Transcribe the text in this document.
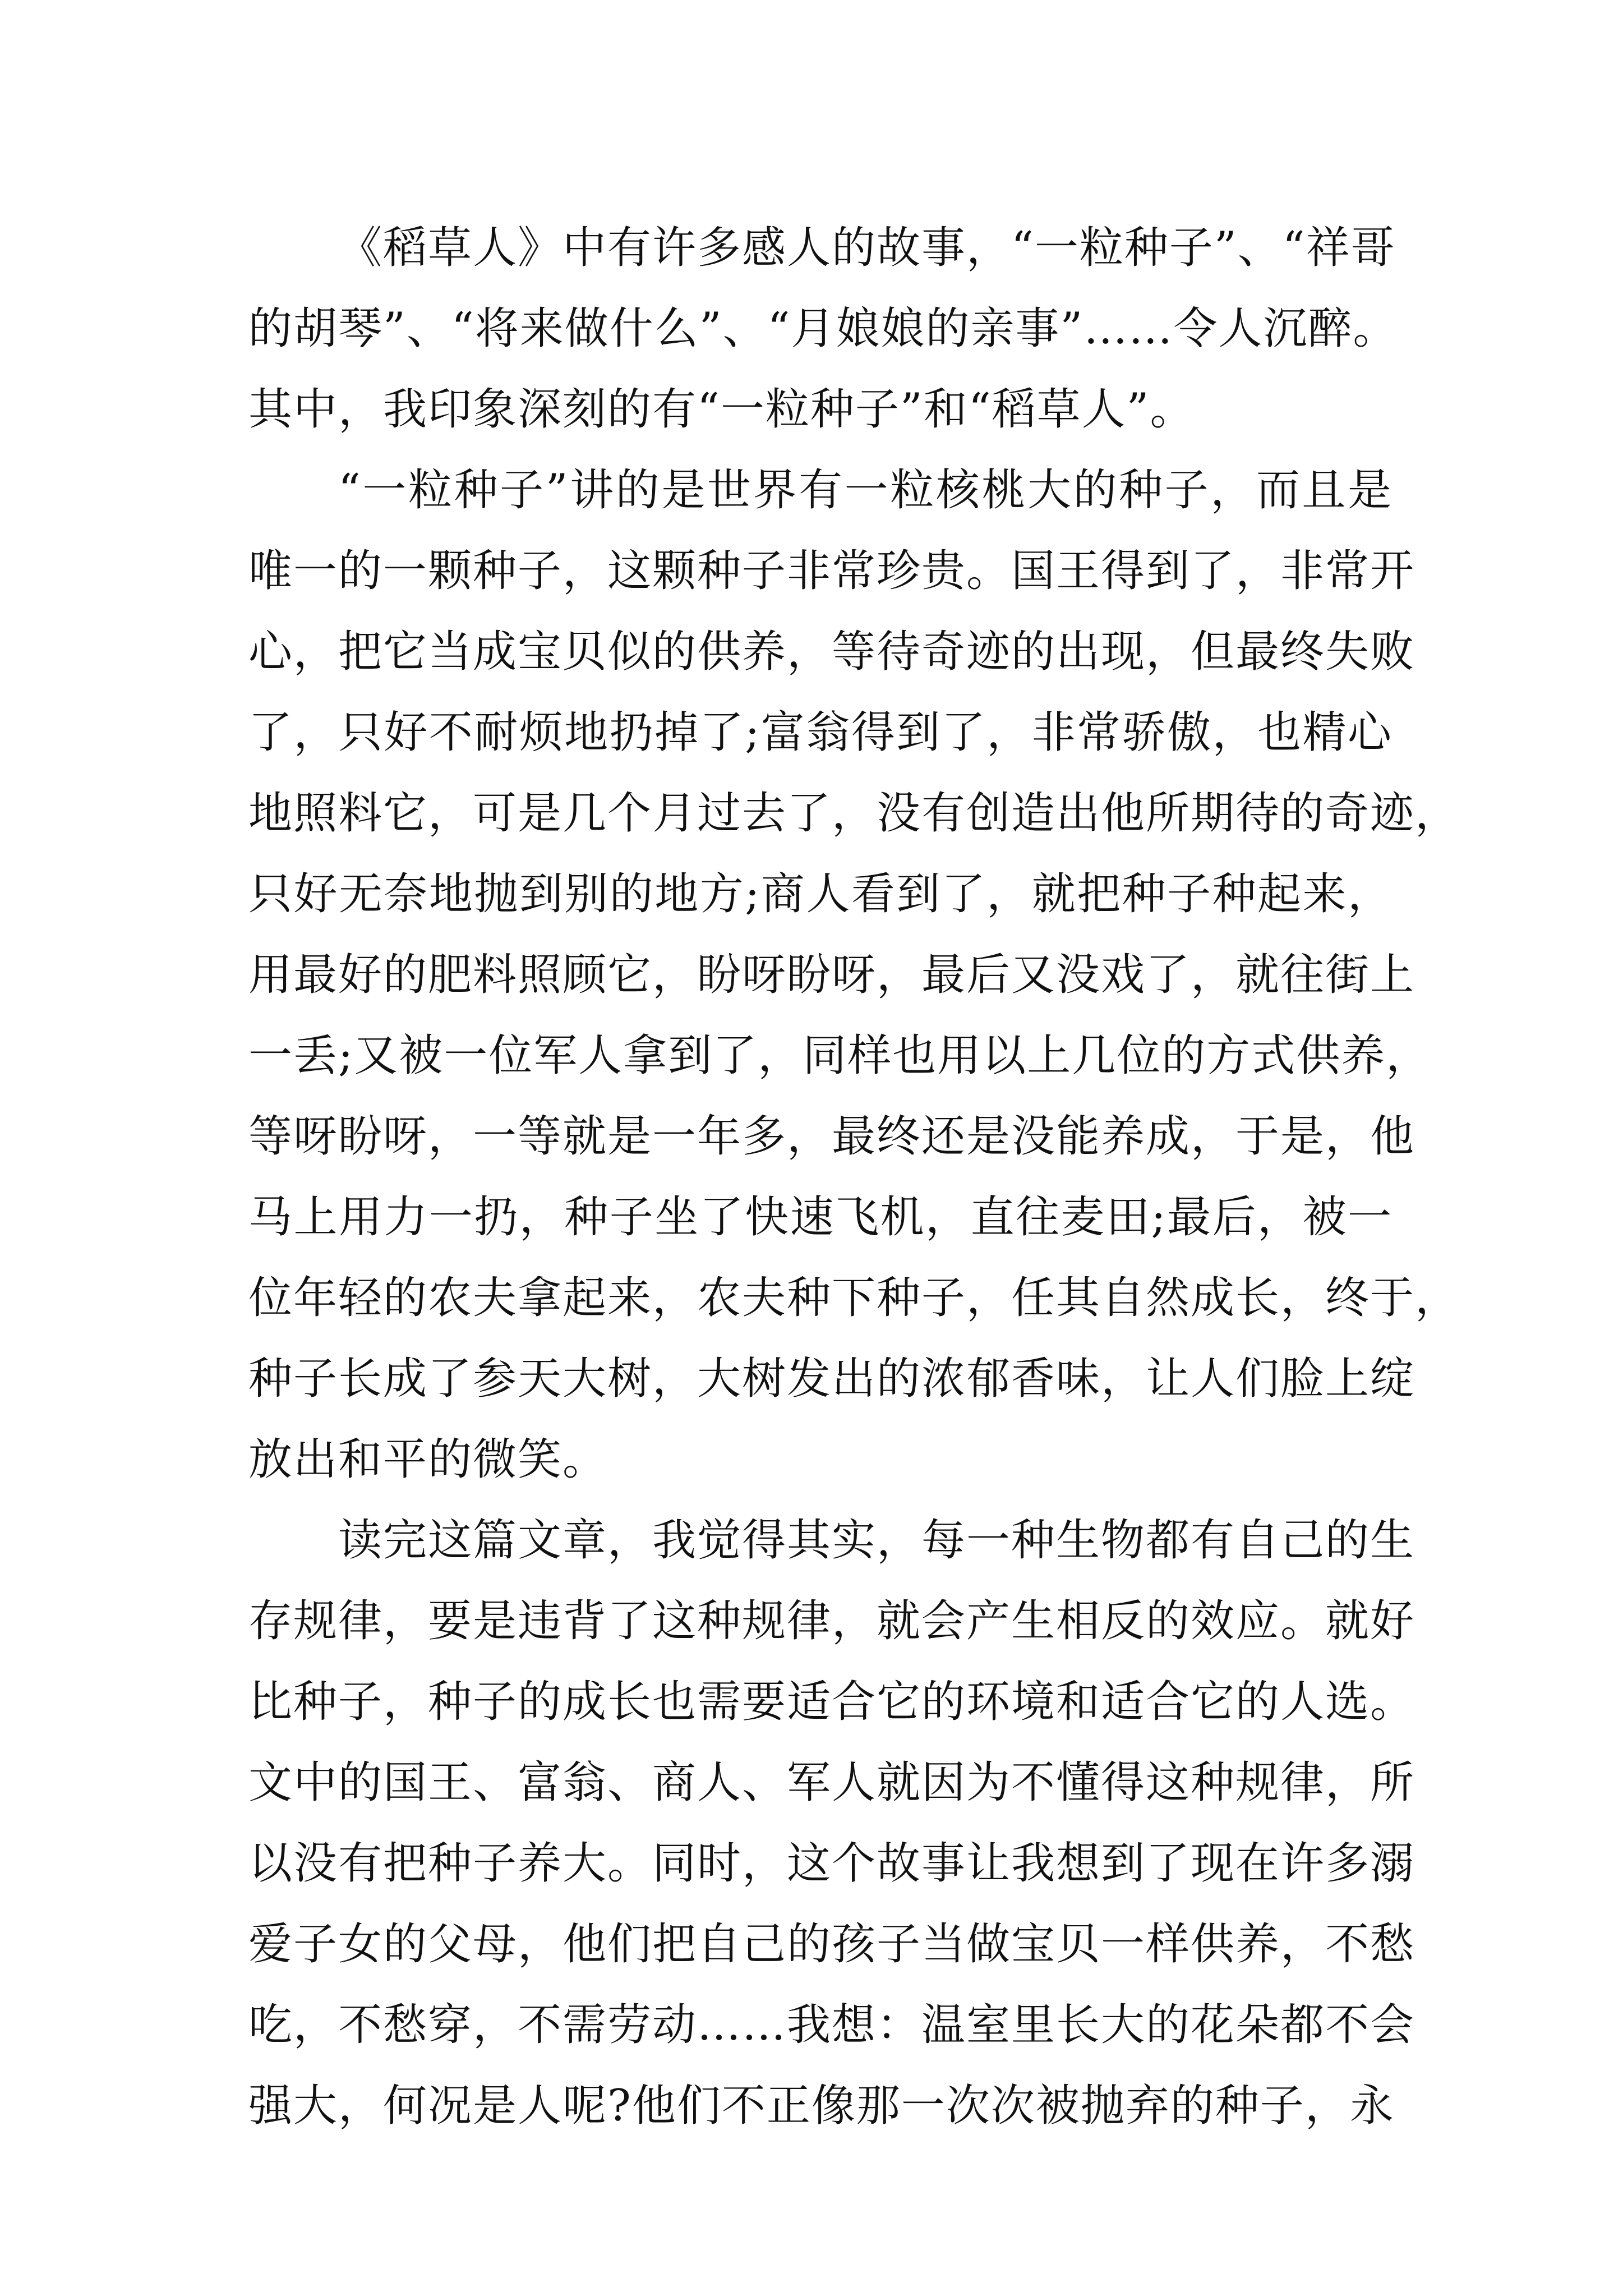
《稻草人》中有许多感人的故事，“一粒种子”、“祥哥
的胡琴”、“将来做什么”、“月娘娘的亲事”……令人沉醉。
其中，我印象深刻的有“一粒种子”和“稻草人”。
“一粒种子”讲的是世界有一粒核桃大的种子，而且是
唯一的一颗种子，这颗种子非常珍贵。国王得到了，非常开
心，把它当成宝贝似的供养，等待奇迹的出现，但最终失败
了，只好不耐烦地扔掉了;富翁得到了，非常骄傲，也精心
地照料它，可是几个月过去了，没有创造出他所期待的奇迹，
只好无奈地抛到别的地方;商人看到了，就把种子种起来，
用最好的肥料照顾它，盼呀盼呀，最后又没戏了，就往街上
一丢;又被一位军人拿到了，同样也用以上几位的方式供养，
等呀盼呀，一等就是一年多，最终还是没能养成，于是，他
马上用力一扔，种子坐了快速飞机，直往麦田;最后，被一
位年轻的农夫拿起来，农夫种下种子，任其自然成长，终于，
种子长成了参天大树，大树发出的浓郁香味，让人们脸上绽
放出和平的微笑。
读完这篇文章，我觉得其实，每一种生物都有自己的生
存规律，要是违背了这种规律，就会产生相反的效应。就好
比种子，种子的成长也需要适合它的环境和适合它的人选。
文中的国王、富翁、商人、军人就因为不懂得这种规律，所
以没有把种子养大。同时，这个故事让我想到了现在许多溺
爱子女的父母，他们把自己的孩子当做宝贝一样供养，不愁
吃，不愁穿，不需劳动……我想：温室里长大的花朵都不会
强大，何况是人呢?他们不正像那一次次被抛弃的种子，永
